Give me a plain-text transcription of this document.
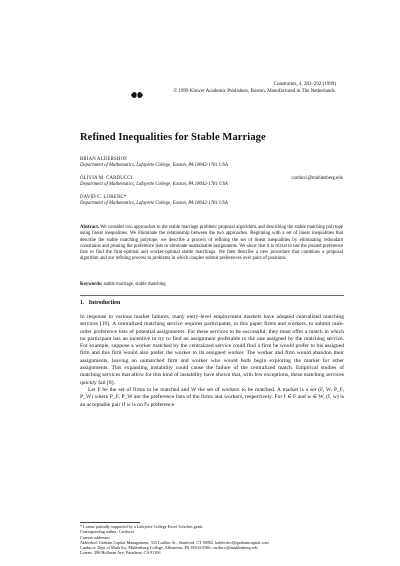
Constraints, 4, 281–292 (1999)
© 1999 Kluwer Academic Publishers, Boston. Manufactured in The Netherlands.
Refined Inequalities for Stable Marriage
BRIAN ALDERSHOF
Department of Mathematics, Lafayette College, Easton, PA 18042-1781 USA
OLIVIA M. CARDUCCI
Department of Mathematics, Lafayette College, Easton, PA 18042-1781 USA
carducci@muhlenberg.edu
DAVID C. LORENC*
Department of Mathematics, Lafayette College, Easton, PA 18042-1781 USA
Abstract. We consider two approaches to the stable marriage problem: proposal algorithms and describing the stable matching polytope using linear inequalities. We illuminate the relationship between the two approaches. Beginning with a set of linear inequalities that describe the stable matching polytope, we describe a process of refining the set of linear inequalities by eliminating redundant constraints and pruning the preference lists to eliminate unattainable assignments. We show that it is trivial to use the pruned preference lists to find the firm-optimal and worker-optimal stable matchings. We then describe a new procedure that combines a proposal algorithm and our refining process to problems in which couples submit preferences over pairs of positions.
Keywords: stable marriage, stable matching
1. Introduction

In response to various market failures, many entry-level employment markets have adopted centralized matching services [10]. A centralized matching service requires participants, in this paper firms and workers, to submit rank-order preference lists of potential assignments. For these services to be successful, they must offer a match in which no participant has an incentive to try to find an assignment preferable to the one assigned by the matching service. For example, suppose a worker matched by the centralized service could find a firm he would prefer to his assigned firm and this firm would also prefer the worker to its assigned worker. The worker and firm would abandon their assignments, leaving an unmatched firm and worker who would both begin exploring the market for other assignments. This expanding instability could cause the failure of the centralized match. Empirical studies of matching services that allow for this kind of instability have shown that, with few exceptions, these matching services quickly fail [8].

Let F be the set of firms to be matched and W the set of workers to be matched. A market is a set (F, W, P_F, P_W) where P_F, P_W are the preference lists of the firms and workers, respectively. For f ∈ F and w ∈ W, (f, w) is an acceptable pair if w is on f's preference

* Lorenc partially supported by a Lafayette College Excel Scholars grant.
Corresponding author: Carducci
Current addresses
Aldershof: Graham Capital Management, 333 Ludlow St., Stamford, CT 06902, baldershof@grahamcapital.com
Carducci: Dept of Math Sci, Muhlenberg College, Allentown, PA 18104-5586, carducci@muhlenberg.edu
Lorenc: 296 Holloran Ave, Pasadena, CA 91106
